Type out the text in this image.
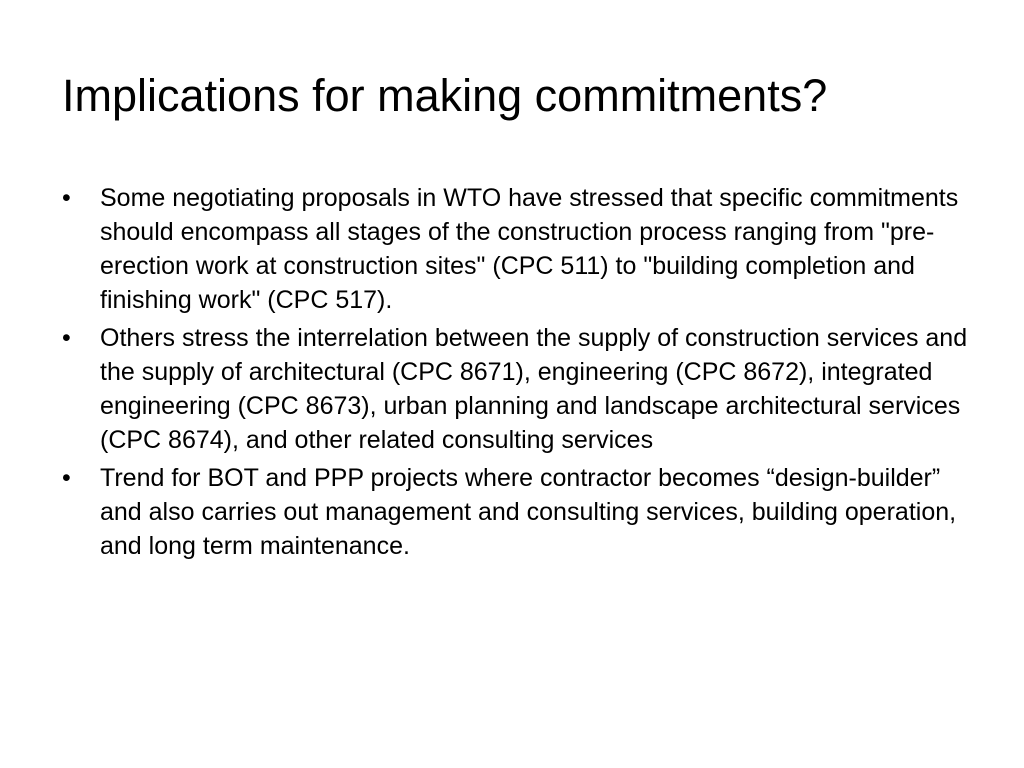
Implications for making commitments?
•	Some negotiating proposals in WTO have stressed that specific commitments should encompass all stages of the construction process ranging from "pre-erection work at construction sites" (CPC 511) to "building completion and finishing work" (CPC 517).
•	Others stress the interrelation between the supply of construction services and the supply of architectural (CPC 8671), engineering (CPC 8672), integrated engineering (CPC 8673), urban planning and landscape architectural services (CPC 8674), and other related consulting services
•	Trend for BOT and PPP projects where contractor becomes “design-builder” and also carries out management and consulting services, building operation, and long term maintenance.
